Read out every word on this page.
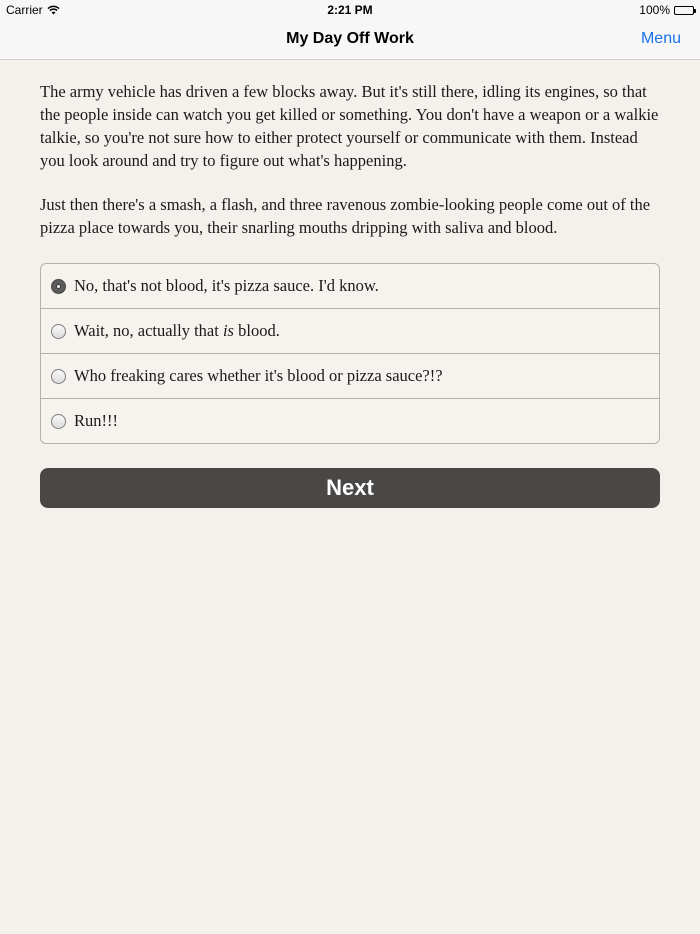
Carrier	2:21 PM	100%
My Day Off Work	Menu

The army vehicle has driven a few blocks away. But it's still there, idling its engines, so that the people inside can watch you get killed or something. You don't have a weapon or a walkie talkie, so you're not sure how to either protect yourself or communicate with them. Instead you look around and try to figure out what's happening.

Just then there's a smash, a flash, and three ravenous zombie-looking people come out of the pizza place towards you, their snarling mouths dripping with saliva and blood.

No, that's not blood, it's pizza sauce. I'd know.
Wait, no, actually that is blood.
Who freaking cares whether it's blood or pizza sauce?!?
Run!!!
Next
